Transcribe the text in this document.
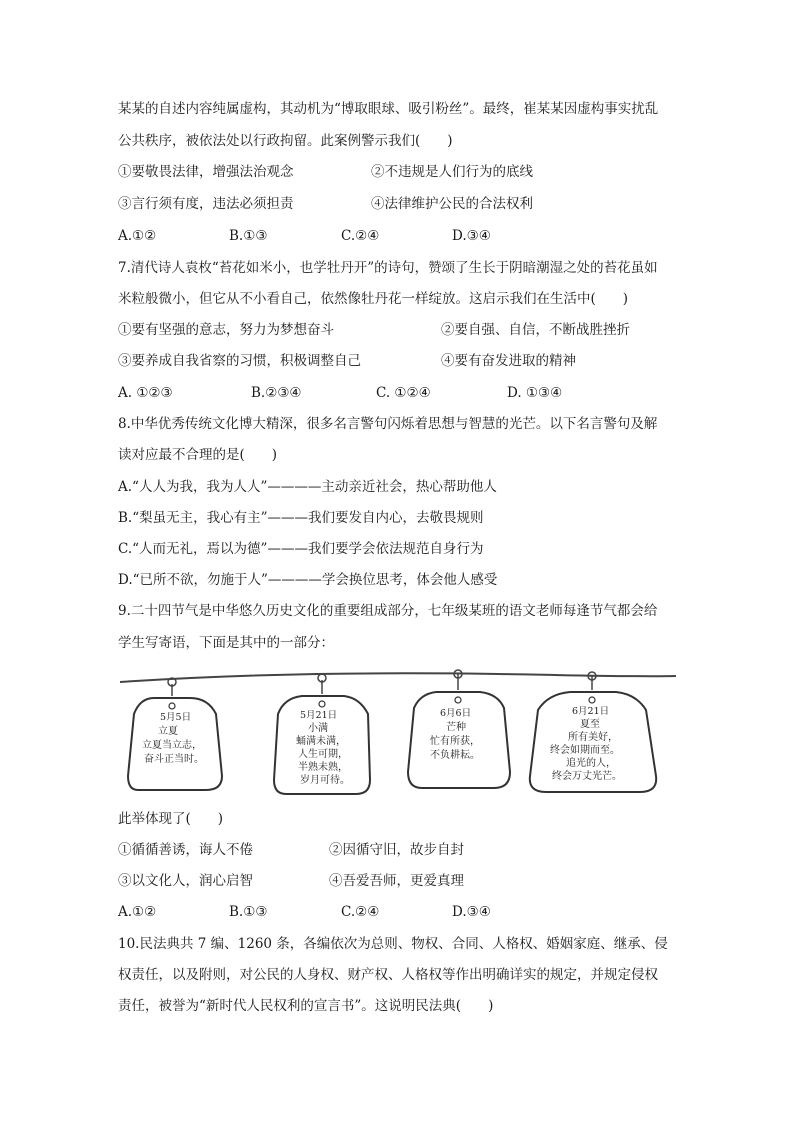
某某的自述内容纯属虚构，其动机为“博取眼球、吸引粉丝”。最终，崔某某因虚构事实扰乱
公共秩序，被依法处以行政拘留。此案例警示我们(　　)
①要敬畏法律，增强法治观念	②不违规是人们行为的底线
③言行须有度，违法必须担责	④法律维护公民的合法权利
A.①②	B.①③	C.②④	D.③④
7.清代诗人袁枚“苔花如米小，也学牡丹开”的诗句，赞颂了生长于阴暗潮湿之处的苔花虽如
米粒般微小，但它从不小看自己，依然像牡丹花一样绽放。这启示我们在生活中(　　)
①要有坚强的意志，努力为梦想奋斗	②要自强、自信，不断战胜挫折
③要养成自我省察的习惯，积极调整自己	④要有奋发进取的精神
A. ①②③	B.②③④	C. ①②④	D. ①③④
8.中华优秀传统文化博大精深，很多名言警句闪烁着思想与智慧的光芒。以下名言警句及解
读对应最不合理的是(　　)
A.“人人为我，我为人人”————主动亲近社会，热心帮助他人
B.“梨虽无主，我心有主”———我们要发自内心，去敬畏规则
C.“人而无礼，焉以为德”———我们要学会依法规范自身行为
D.“已所不欲，勿施于人”————学会换位思考，体会他人感受
9.二十四节气是中华悠久历史文化的重要组成部分，七年级某班的语文老师每逢节气都会给
学生写寄语，下面是其中的一部分：
5月5日
立夏
立夏当立志，
奋斗正当时。
5月21日
小满
蛹满未满，
人生可期，
半熟未熟，
岁月可待。
6月6日
芒种
忙有所获，
不负耕耘。
6月21日
夏至
所有美好，
终会如期而至。
追光的人，
终会万丈光芒。
此举体现了(　　)
①循循善诱，诲人不倦	②因循守旧，故步自封
③以文化人，润心启智	④吾爱吾师，更爱真理
A.①②	B.①③	C.②④	D.③④
10.民法典共 7 编、1260 条，各编依次为总则、物权、合同、人格权、婚姻家庭、继承、侵
权责任，以及附则，对公民的人身权、财产权、人格权等作出明确详实的规定，并规定侵权
责任，被誉为“新时代人民权利的宣言书”。这说明民法典(　　)
